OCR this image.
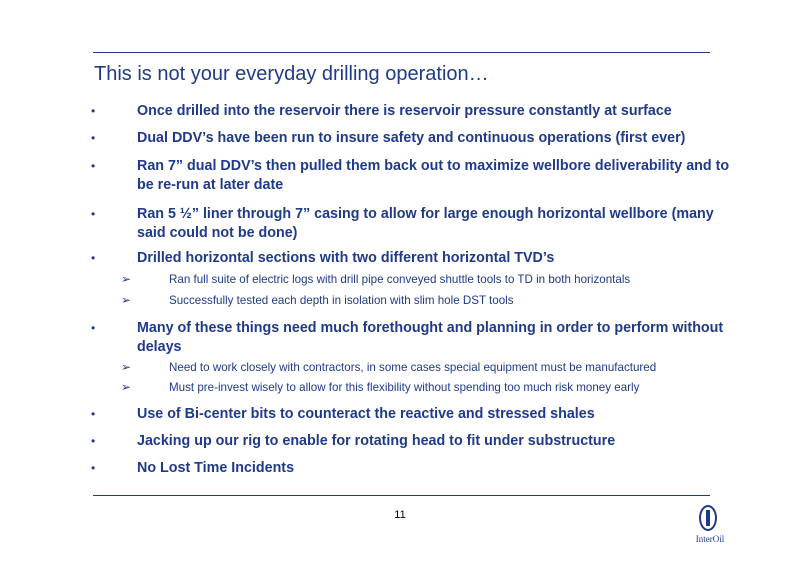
This is not your everyday drilling operation…
•	Once drilled into the reservoir there is reservoir pressure constantly at surface
•	Dual DDV’s have been run to insure safety and continuous operations (first ever)
•	Ran 7” dual DDV’s then pulled them back out to maximize wellbore deliverability and to be re-run at later date
•	Ran 5 ½” liner through 7” casing to allow for large enough horizontal wellbore (many said could not be done)
•	Drilled horizontal sections with two different horizontal TVD’s
➢	Ran full suite of electric logs with drill pipe conveyed shuttle tools to TD in both horizontals
➢	Successfully tested each depth in isolation with slim hole DST tools
•	Many of these things need much forethought and planning in order to perform without delays
➢	Need to work closely with contractors, in some cases special equipment must be manufactured
➢	Must pre-invest wisely to allow for this flexibility without spending too much risk money early
•	Use of Bi-center bits to counteract the reactive and stressed shales
•	Jacking up our rig to enable for rotating head to fit under substructure
•	No Lost Time Incidents
11
InterOil
